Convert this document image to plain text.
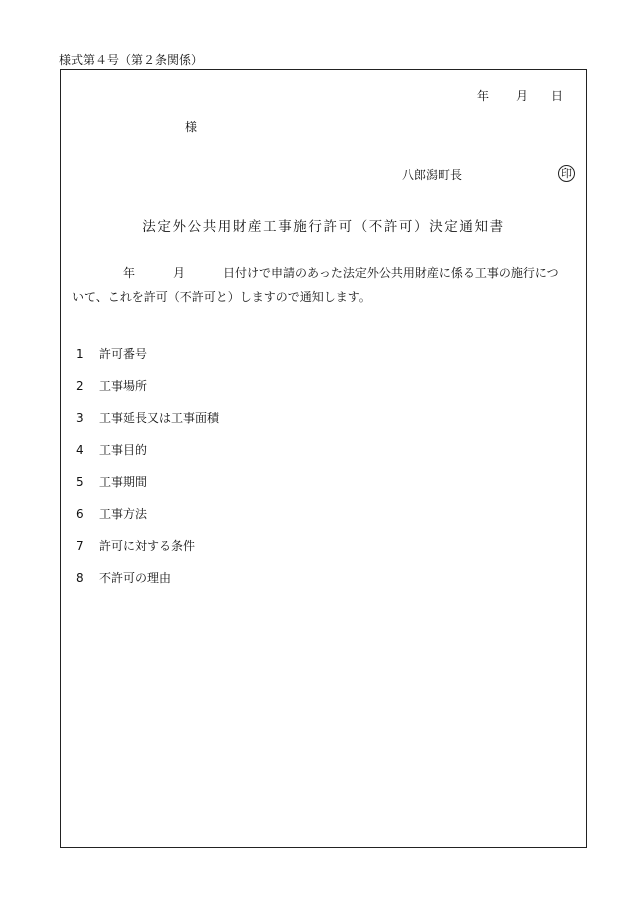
様式第４号（第２条関係）
年 月 日
様
八郎潟町長	印
法定外公共用財産工事施行許可（不許可）決定通知書
年	月	日付けで申請のあった法定外公共用財産に係る工事の施行につ
いて、これを許可（不許可と）しますので通知します。
1 許可番号
2 工事場所
3 工事延長又は工事面積
4 工事目的
5 工事期間
6 工事方法
7 許可に対する条件
8 不許可の理由
